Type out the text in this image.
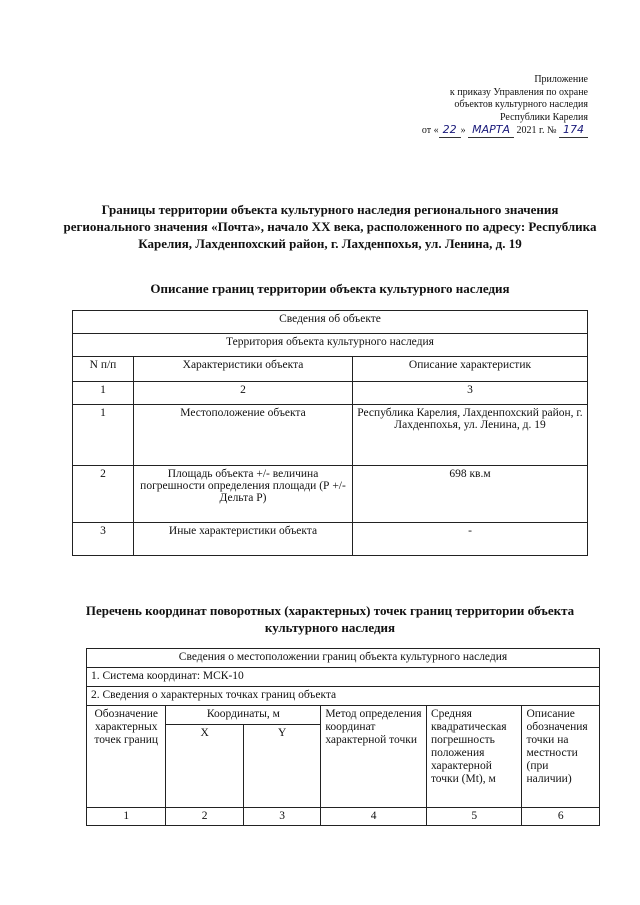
Приложение
к приказу Управления по охране
объектов культурного наследия
Республики Карелия
от « 22 » МАРТА 2021 г. № 174
Границы территории объекта культурного наследия регионального значения регионального значения «Почта», начало XX века, расположенного по адресу: Республика Карелия, Лахденпохский район, г. Лахденпохья, ул. Ленина, д. 19
Описание границ территории объекта культурного наследия
Сведения об объекте		
Территория объекта культурного наследия		
N п/п	Характеристики объекта	Описание характеристик
1	2	3
1	Местоположение объекта	Республика Карелия, Лахденпохский район, г. Лахденпохья, ул. Ленина, д. 19
2	Площадь объекта +/- величина погрешности определения площади (Р +/- Дельта Р)	698 кв.м
3	Иные характеристики объекта	-
Перечень координат поворотных (характерных) точек границ территории объекта культурного наследия
Сведения о местоположении границ объекта культурного наследия					
1. Система координат: МСК-10					
2. Сведения о характерных точках границ объекта					
Обозначение характерных точек границ	Координаты, м		Метод определения координат характерной точки	Средняя квадратическая погрешность положения характерной точки (Mt), м	Описание обозначения точки на местности (при наличии)
	X	Y			
1	2	3	4	5	6
